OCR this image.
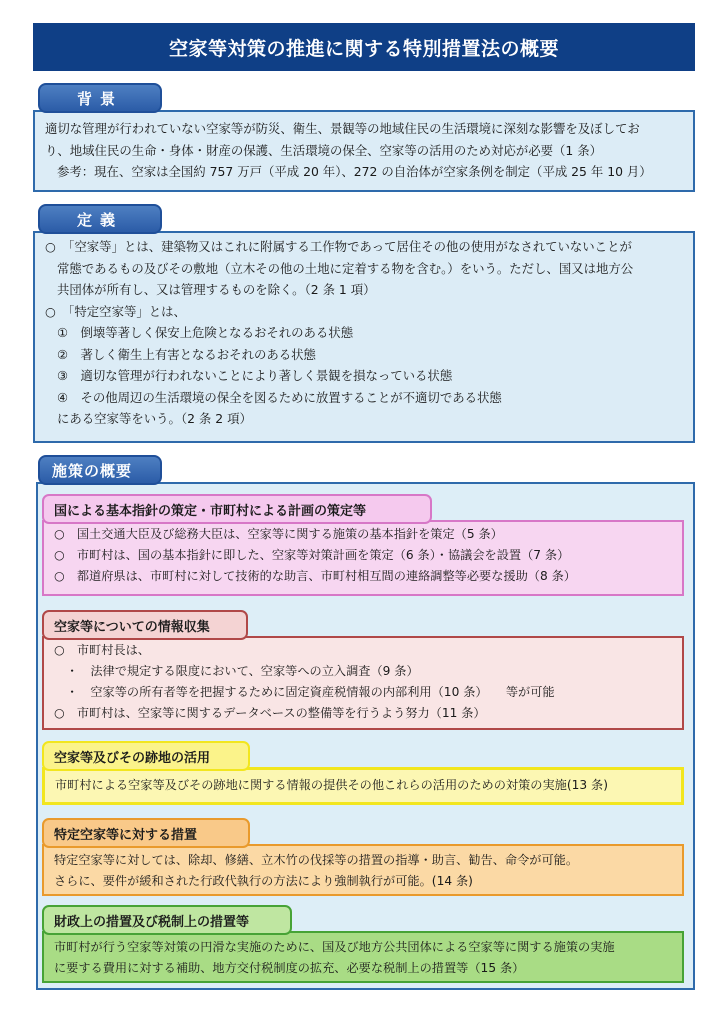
空家等対策の推進に関する特別措置法の概要
背景
適切な管理が行われていない空家等が防災、衛生、景観等の地域住民の生活環境に深刻な影響を及ぼしてお
り、地域住民の生命・身体・財産の保護、生活環境の保全、空家等の活用のため対応が必要（1 条）
参考：現在、空家は全国約 757 万戸（平成 20 年）、272 の自治体が空家条例を制定（平成 25 年 10 月）
定義
○　「空家等」とは、建築物又はこれに附属する工作物であって居住その他の使用がなされていないことが
常態であるもの及びその敷地（立木その他の土地に定着する物を含む。）をいう。ただし、国又は地方公
共団体が所有し、又は管理するものを除く。（2 条 1 項）
○　「特定空家等」とは、
①　倒壊等著しく保安上危険となるおそれのある状態
②　著しく衛生上有害となるおそれのある状態
③　適切な管理が行われないことにより著しく景観を損なっている状態
④　その他周辺の生活環境の保全を図るために放置することが不適切である状態
にある空家等をいう。（2 条 2 項）
施策の概要
国による基本指針の策定・市町村による計画の策定等
○　国土交通大臣及び総務大臣は、空家等に関する施策の基本指針を策定（5 条）
○　市町村は、国の基本指針に即した、空家等対策計画を策定（6 条）・協議会を設置（7 条）
○　都道府県は、市町村に対して技術的な助言、市町村相互間の連絡調整等必要な援助（8 条）
空家等についての情報収集
○　市町村長は、
・　法律で規定する限度において、空家等への立入調査（9 条）
・　空家等の所有者等を把握するために固定資産税情報の内部利用（10 条）　　等が可能
○　市町村は、空家等に関するデータベースの整備等を行うよう努力（11 条）
空家等及びその跡地の活用
市町村による空家等及びその跡地に関する情報の提供その他これらの活用のための対策の実施(13 条)
特定空家等に対する措置
特定空家等に対しては、除却、修繕、立木竹の伐採等の措置の指導・助言、勧告、命令が可能。
さらに、要件が緩和された行政代執行の方法により強制執行が可能。(14 条)
財政上の措置及び税制上の措置等
市町村が行う空家等対策の円滑な実施のために、国及び地方公共団体による空家等に関する施策の実施
に要する費用に対する補助、地方交付税制度の拡充、必要な税制上の措置等（15 条）
